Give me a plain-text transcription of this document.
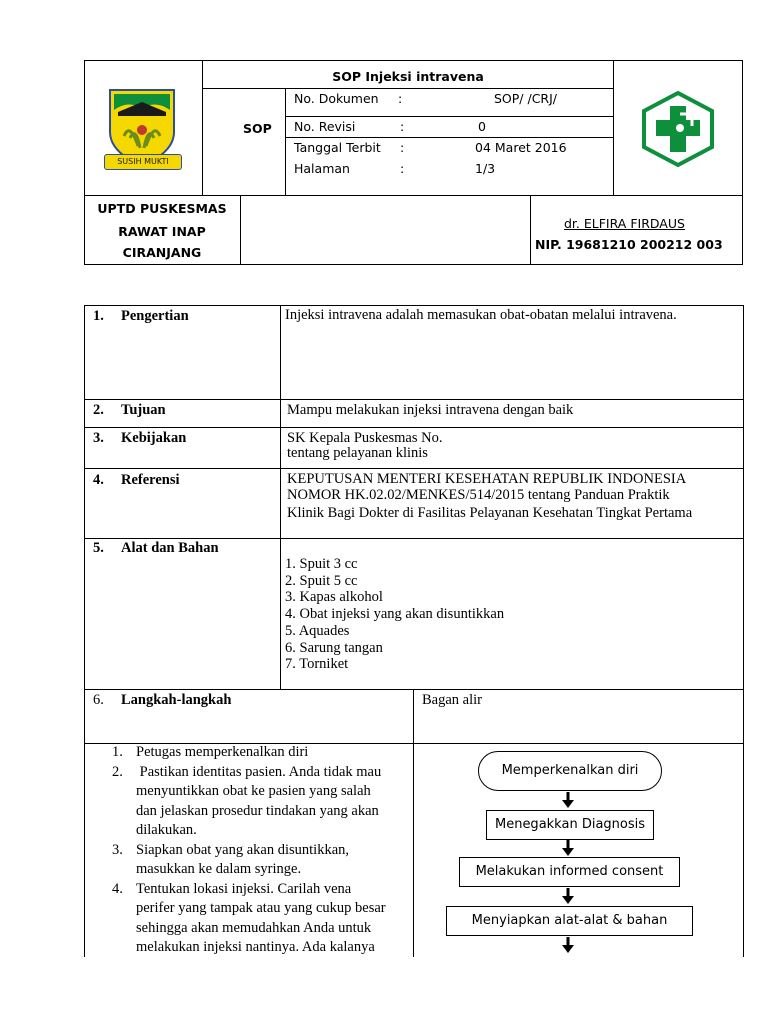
SUSIH MUKTI
SOP Injeksi intravena
SOP
No. Dokumen :	SOP/ /CRJ/
No. Revisi	:	0
Tanggal Terbit :	04 Maret 2016
Halaman	:	1/3
UPTD PUSKESMAS
RAWAT INAP
CIRANJANG
dr. ELFIRA FIRDAUS
NIP. 19681210 200212 003
1. Pengertian	Injeksi intravena adalah memasukan obat-obatan melalui intravena.
2. Tujuan	Mampu melakukan injeksi intravena dengan baik
3. Kebijakan	SK Kepala Puskesmas No.
tentang pelayanan klinis
4. Referensi	KEPUTUSAN MENTERI KESEHATAN REPUBLIK INDONESIA
NOMOR HK.02.02/MENKES/514/2015 tentang Panduan Praktik
Klinik Bagi Dokter di Fasilitas Pelayanan Kesehatan Tingkat Pertama
5. Alat dan Bahan
1. Spuit 3 cc
2. Spuit 5 cc
3. Kapas alkohol
4. Obat injeksi yang akan disuntikkan
5. Aquades
6. Sarung tangan
7. Torniket
6. Langkah-langkah	Bagan alir
1. Petugas memperkenalkan diri
2. Pastikan identitas pasien. Anda tidak mau
menyuntikkan obat ke pasien yang salah
dan jelaskan prosedur tindakan yang akan
dilakukan.
3. Siapkan obat yang akan disuntikkan,
masukkan ke dalam syringe.
4. Tentukan lokasi injeksi. Carilah vena
perifer yang tampak atau yang cukup besar
sehingga akan memudahkan Anda untuk
melakukan injeksi nantinya. Ada kalanya
Memperkenalkan diri
Menegakkan Diagnosis
Melakukan informed consent
Menyiapkan alat-alat & bahan
